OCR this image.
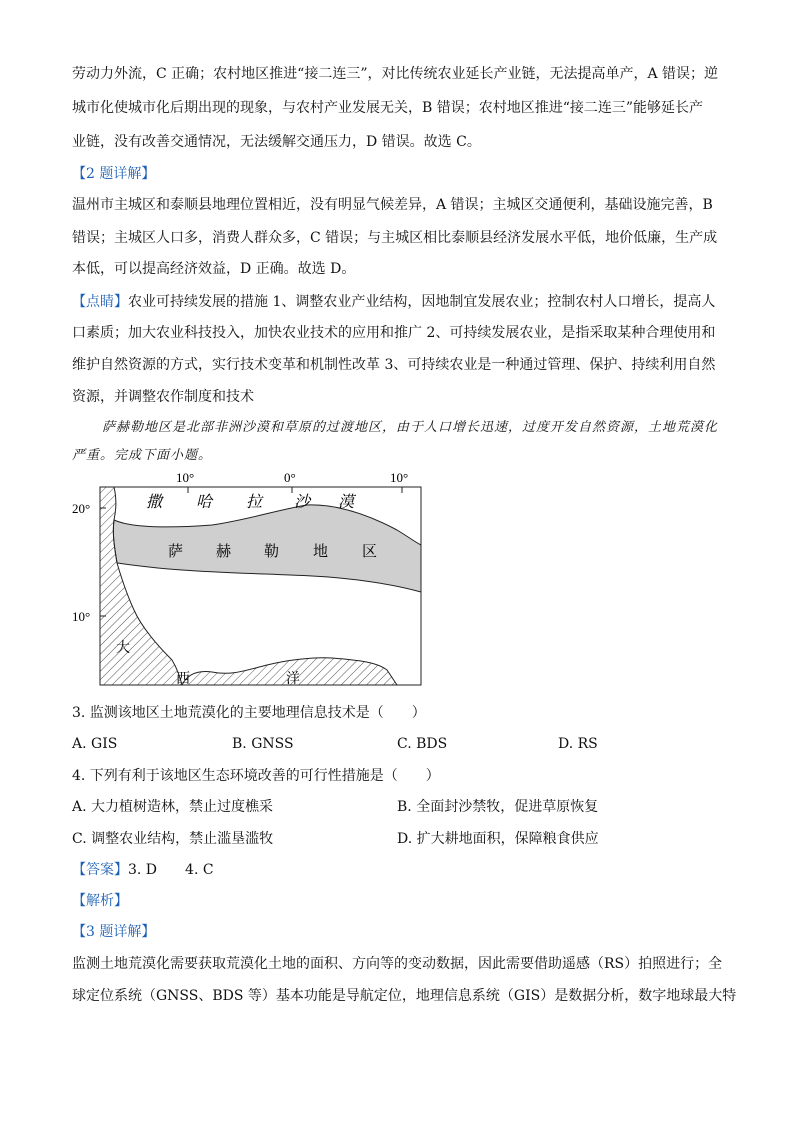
劳动力外流，C 正确；农村地区推进“接二连三”，对比传统农业延长产业链，无法提高单产，A 错误；逆

城市化使城市化后期出现的现象，与农村产业发展无关，B 错误；农村地区推进“接二连三”能够延长产

业链，没有改善交通情况，无法缓解交通压力，D 错误。故选 C。

【2 题详解】

温州市主城区和泰顺县地理位置相近，没有明显气候差异，A 错误；主城区交通便利，基础设施完善，B

错误；主城区人口多，消费人群众多，C 错误；与主城区相比泰顺县经济发展水平低，地价低廉，生产成

本低，可以提高经济效益，D 正确。故选 D。

【点睛】农业可持续发展的措施 1、调整农业产业结构，因地制宜发展农业；控制农村人口增长，提高人

口素质；加大农业科技投入，加快农业技术的应用和推广 2、可持续发展农业，是指采取某种合理使用和

维护自然资源的方式，实行技术变革和机制性改革 3、可持续农业是一种通过管理、保护、持续利用自然

资源，并调整农作制度和技术

萨赫勒地区是北部非洲沙漠和草原的过渡地区，由于人口增长迅速，过度开发自然资源，土地荒漠化

严重。完成下面小题。

10°	0°	10°
20°
10°
撒 哈 拉 沙 漠
萨 赫 勒 地 区
大
西	洋

3. 监测该地区土地荒漠化的主要地理信息技术是（　　）

A. GIS	B. GNSS	C. BDS	D. RS

4. 下列有利于该地区生态环境改善的可行性措施是（　　）

A. 大力植树造林，禁止过度樵采	B. 全面封沙禁牧，促进草原恢复
C. 调整农业结构，禁止滥垦滥牧	D. 扩大耕地面积，保障粮食供应

【答案】3. D　　4. C

【解析】

【3 题详解】

监测土地荒漠化需要获取荒漠化土地的面积、方向等的变动数据，因此需要借助遥感（RS）拍照进行；全

球定位系统（GNSS、BDS 等）基本功能是导航定位，地理信息系统（GIS）是数据分析，数字地球最大特
